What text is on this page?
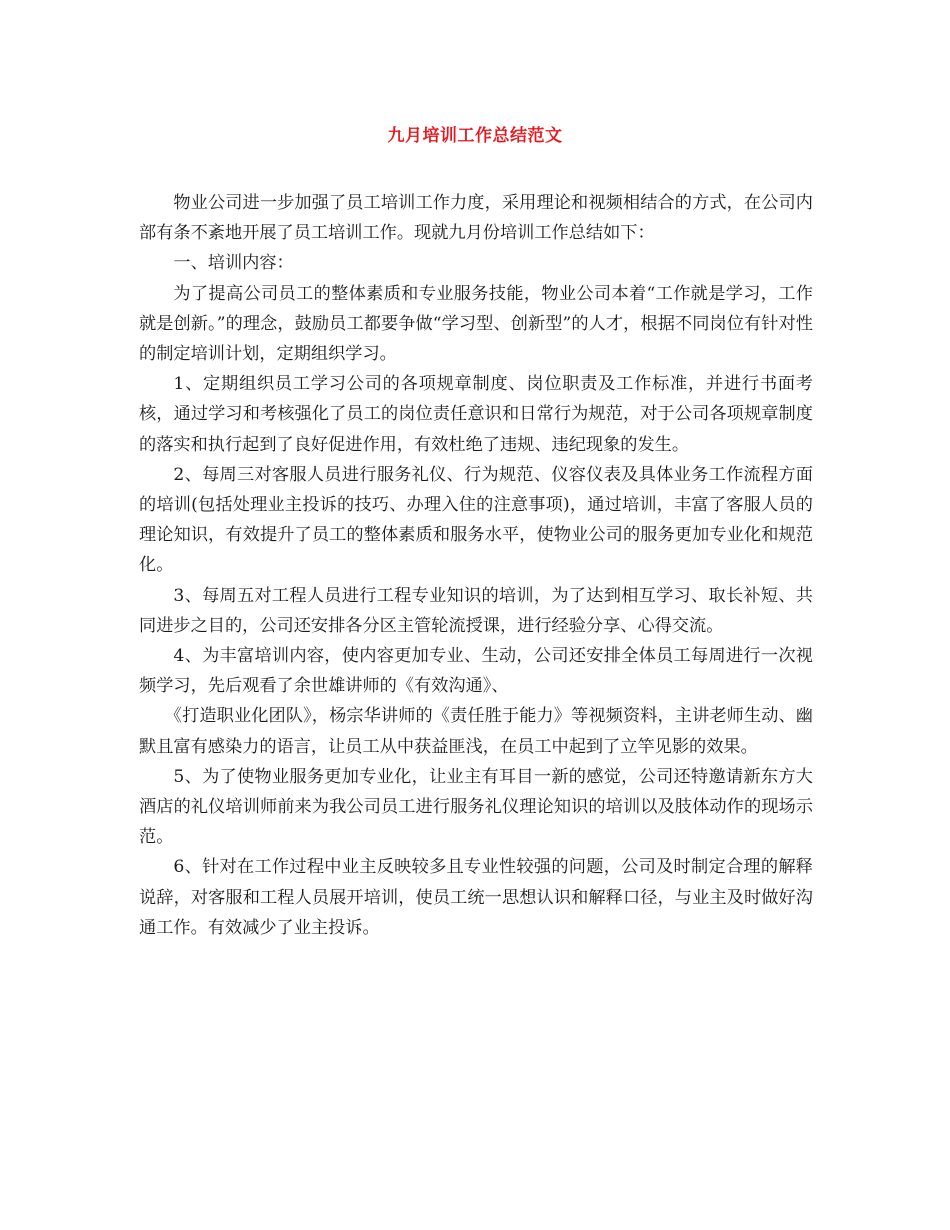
九月培训工作总结范文

物业公司进一步加强了员工培训工作力度，采用理论和视频相结合的方式，在公司内部有条不紊地开展了员工培训工作。现就九月份培训工作总结如下：

一、培训内容：

为了提高公司员工的整体素质和专业服务技能，物业公司本着“工作就是学习，工作就是创新。”的理念，鼓励员工都要争做“学习型、创新型”的人才，根据不同岗位有针对性的制定培训计划，定期组织学习。

1、定期组织员工学习公司的各项规章制度、岗位职责及工作标准，并进行书面考核，通过学习和考核强化了员工的岗位责任意识和日常行为规范，对于公司各项规章制度的落实和执行起到了良好促进作用，有效杜绝了违规、违纪现象的发生。

2、每周三对客服人员进行服务礼仪、行为规范、仪容仪表及具体业务工作流程方面的培训(包括处理业主投诉的技巧、办理入住的注意事项)，通过培训，丰富了客服人员的理论知识，有效提升了员工的整体素质和服务水平，使物业公司的服务更加专业化和规范化。

3、每周五对工程人员进行工程专业知识的培训，为了达到相互学习、取长补短、共同进步之目的，公司还安排各分区主管轮流授课，进行经验分享、心得交流。

4、为丰富培训内容，使内容更加专业、生动，公司还安排全体员工每周进行一次视频学习，先后观看了余世雄讲师的《有效沟通》、

《打造职业化团队》，杨宗华讲师的《责任胜于能力》等视频资料，主讲老师生动、幽默且富有感染力的语言，让员工从中获益匪浅，在员工中起到了立竿见影的效果。

5、为了使物业服务更加专业化，让业主有耳目一新的感觉，公司还特邀请新东方大酒店的礼仪培训师前来为我公司员工进行服务礼仪理论知识的培训以及肢体动作的现场示范。

6、针对在工作过程中业主反映较多且专业性较强的问题，公司及时制定合理的解释说辞，对客服和工程人员展开培训，使员工统一思想认识和解释口径，与业主及时做好沟通工作。有效减少了业主投诉。
